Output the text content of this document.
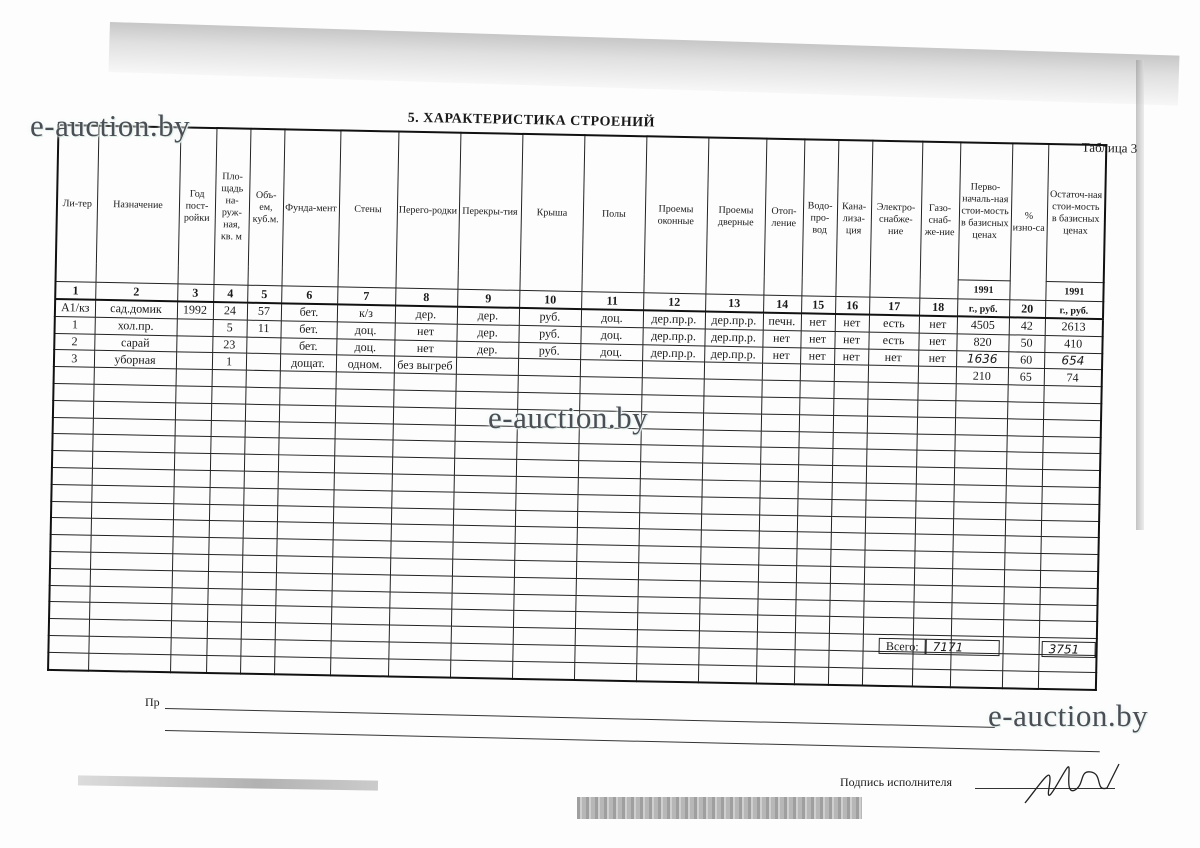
5. ХАРАКТЕРИСТИКА СТРОЕНИЙ
Таблица 3
Ли-тер	Назначение	Год пост-ройки	Пло-щадь на-руж-ная, кв. м	Объ-ем, куб.м.	Фунда-мент	Стены	Перего-родки	Перекры-тия	Крыша	Полы	Проемы оконные	Проемы дверные	Отоп-ление	Водо-про-вод	Кана-лиза-ция	Электро-снабже-ние	Газо-снаб-же-ние	Перво-началь-ная стои-мость в базисных ценах	% изно-са	Остаточ-ная стои-мость в базисных ценах
																		1991		1991
1	2	3	4	5	6	7	8	9	10	11	12	13	14	15	16	17	18	г., руб.	20	г., руб.
А1/кз	сад.домик	1992	24	57	бет.	к/з	дер.	дер.	руб.	доц.	дер.пр.р.	дер.пр.р.	печн.	нет	нет	есть	нет	4505	42	2613
1	хол.пр.		5	11	бет.	доц.	нет	дер.	руб.	доц.	дер.пр.р.	дер.пр.р.	нет	нет	нет	есть	нет	820	50	410
2	сарай		23		бет.	доц.	нет	дер.	руб.	доц.	дер.пр.р.	дер.пр.р.	нет	нет	нет	нет	нет	1636	60	654
3	уборная		1		дощат.	одном.	без выгреб											210	65	74

Всего: 7171	3751
e-auction.by
e-auction.by
e-auction.by
Пр
Подпись исполнителя
